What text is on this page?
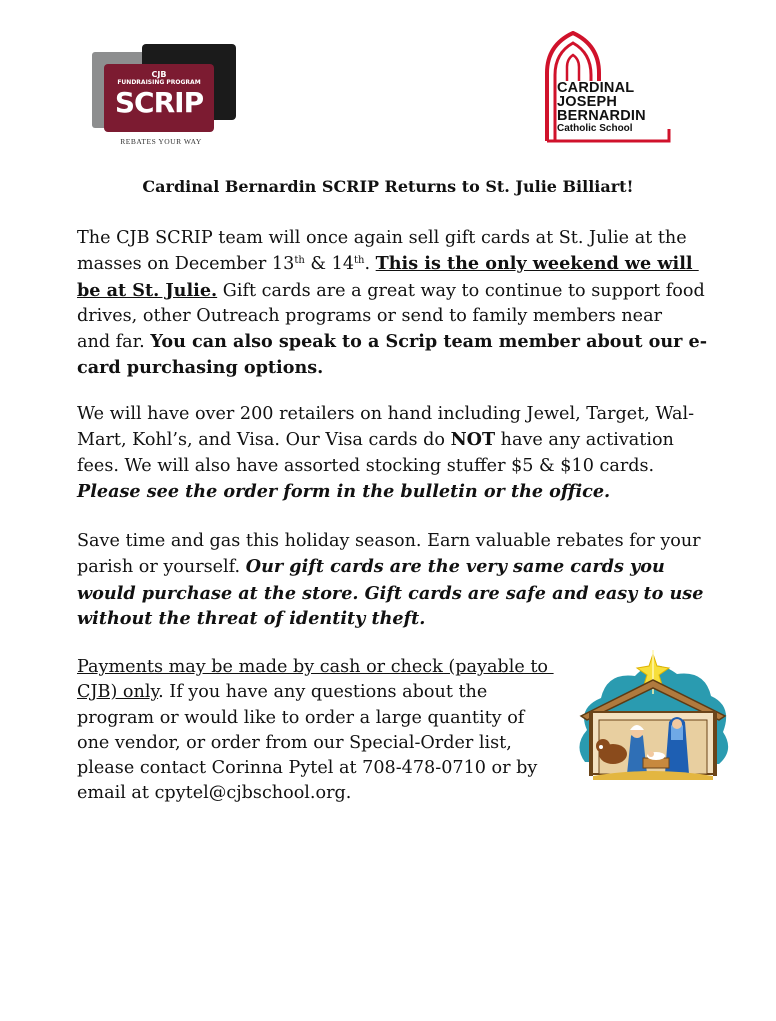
CJB
FUNDRAISING PROGRAM
SCRIP
REBATES YOUR WAY
CARDINAL
JOSEPH
BERNARDIN
Catholic School
Cardinal Bernardin SCRIP Returns to St. Julie Billiart!
The CJB SCRIP team will once again sell gift cards at St. Julie at the
masses on December 13th & 14th. This is the only weekend we will
be at St. Julie. Gift cards are a great way to continue to support food
drives, other Outreach programs or send to family members near
and far. You can also speak to a Scrip team member about our e-
card purchasing options.
We will have over 200 retailers on hand including Jewel, Target, Wal-
Mart, Kohl’s, and Visa. Our Visa cards do NOT have any activation
fees. We will also have assorted stocking stuffer $5 & $10 cards.
Please see the order form in the bulletin or the office.
Save time and gas this holiday season. Earn valuable rebates for your
parish or yourself. Our gift cards are the very same cards you
would purchase at the store. Gift cards are safe and easy to use
without the threat of identity theft.
Payments may be made by cash or check (payable to
CJB) only. If you have any questions about the
program or would like to order a large quantity of
one vendor, or order from our Special-Order list,
please contact Corinna Pytel at 708-478-0710 or by
email at cpytel@cjbschool.org.
